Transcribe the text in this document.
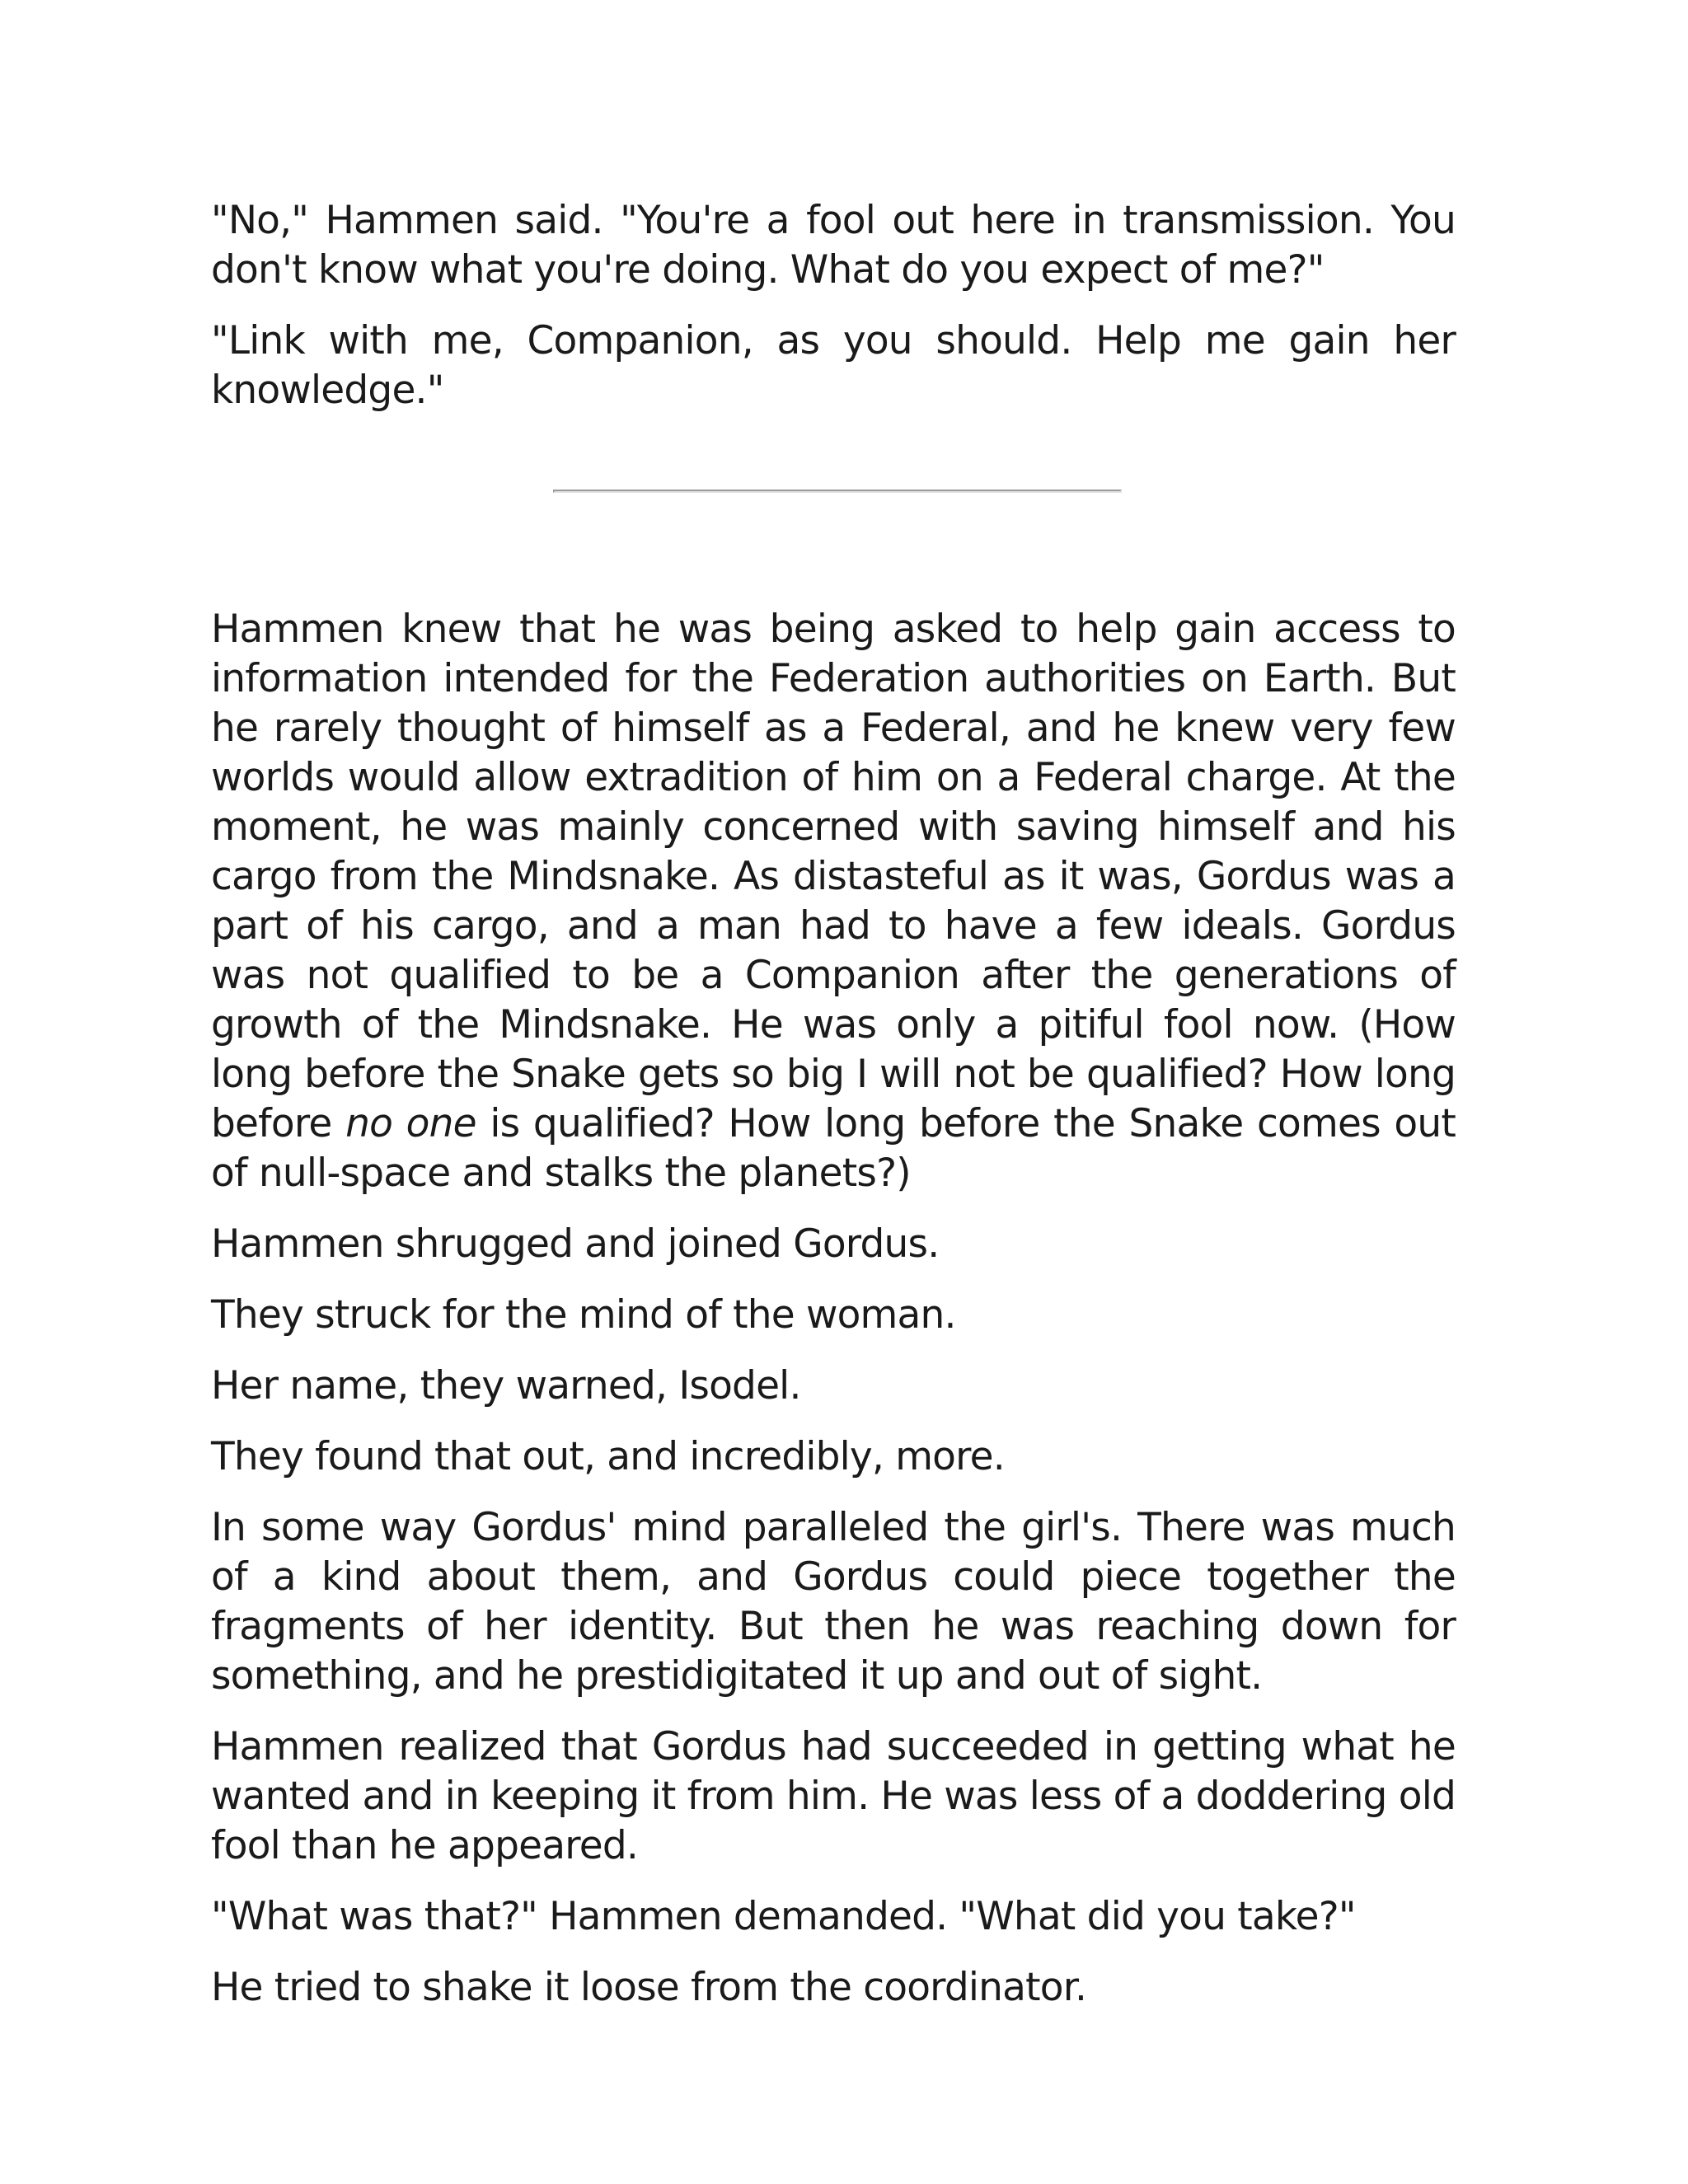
"No," Hammen said. "You're a fool out here in transmission. You don't know what you're doing. What do you expect of me?"

"Link with me, Companion, as you should. Help me gain her knowledge."

Hammen knew that he was being asked to help gain access to information intended for the Federation authorities on Earth. But he rarely thought of himself as a Federal, and he knew very few worlds would allow extradition of him on a Federal charge. At the moment, he was mainly concerned with saving himself and his cargo from the Mindsnake. As distasteful as it was, Gordus was a part of his cargo, and a man had to have a few ideals. Gordus was not qualified to be a Companion after the generations of growth of the Mindsnake. He was only a pitiful fool now. (How long before the Snake gets so big I will not be qualified? How long before no one is qualified? How long before the Snake comes out of null-space and stalks the planets?)

Hammen shrugged and joined Gordus.

They struck for the mind of the woman.

Her name, they warned, Isodel.

They found that out, and incredibly, more.

In some way Gordus' mind paralleled the girl's. There was much of a kind about them, and Gordus could piece together the fragments of her identity. But then he was reaching down for something, and he prestidigitated it up and out of sight.

Hammen realized that Gordus had succeeded in getting what he wanted and in keeping it from him. He was less of a doddering old fool than he appeared.

"What was that?" Hammen demanded. "What did you take?"

He tried to shake it loose from the coordinator.
